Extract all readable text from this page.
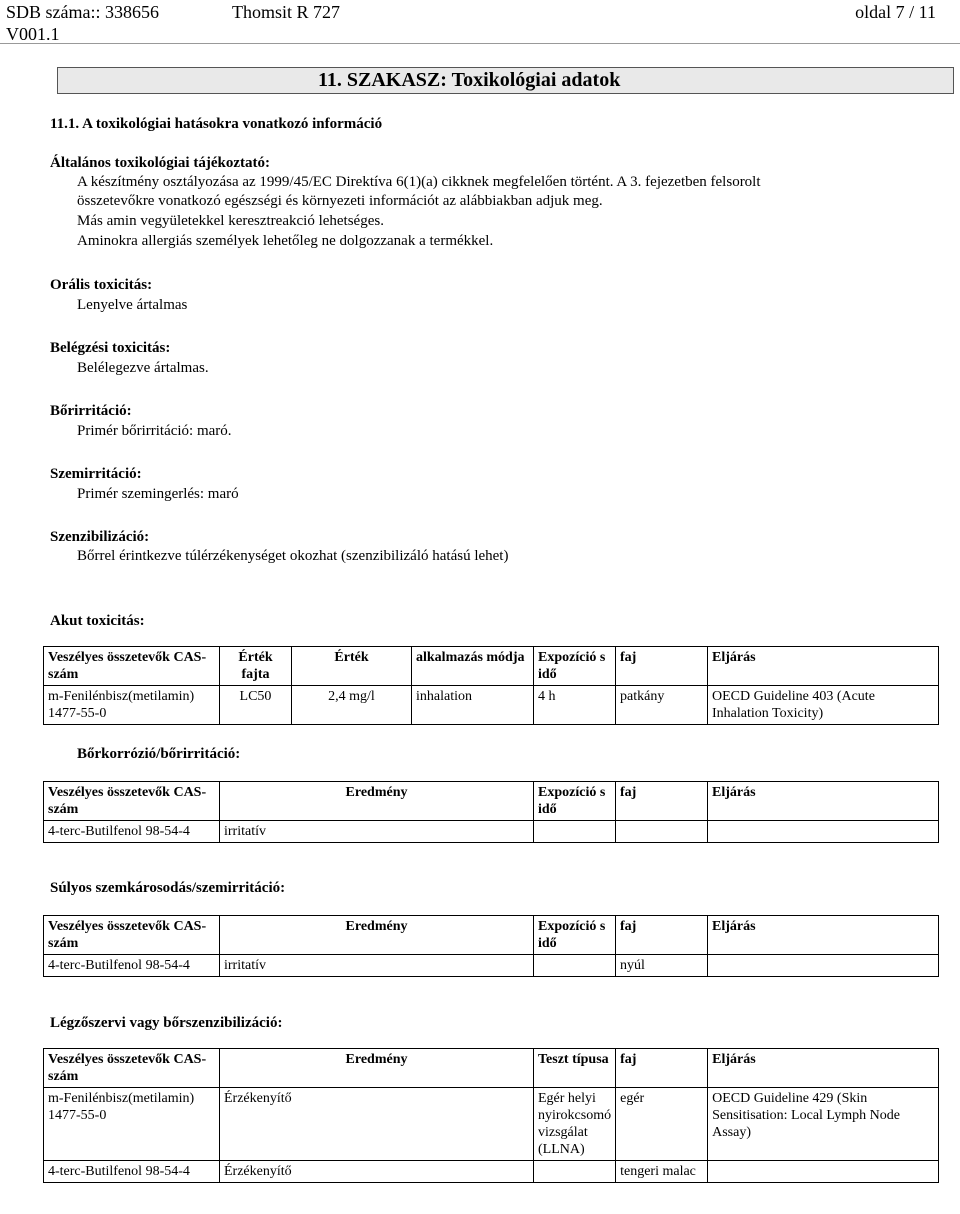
SDB száma:: 338656	Thomsit R 727	oldal 7 / 11
V001.1
11. SZAKASZ: Toxikológiai adatok
11.1. A toxikológiai hatásokra vonatkozó információ
Általános toxikológiai tájékoztató:
A készítmény osztályozása az 1999/45/EC Direktíva 6(1)(a) cikknek megfelelően történt. A 3. fejezetben felsorolt
összetevőkre vonatkozó egészségi és környezeti információt az alábbiakban adjuk meg.
Más amin vegyületekkel keresztreakció lehetséges.
Aminokra allergiás személyek lehetőleg ne dolgozzanak a termékkel.
Orális toxicitás:
Lenyelve ártalmas
Belégzési toxicitás:
Belélegezve ártalmas.
Bőrirritáció:
Primér bőrirritáció: maró.
Szemirritáció:
Primér szemingerlés: maró
Szenzibilizáció:
Bőrrel érintkezve túlérzékenységet okozhat (szenzibilizáló hatású lehet)
Akut toxicitás:
Veszélyes összetevők CAS-szám	Érték fajta	Érték	alkalmazás módja	Expozíció s idő	faj	Eljárás
m-Fenilénbisz(metilamin) 1477-55-0	LC50	2,4 mg/l	inhalation	4 h	patkány	OECD Guideline 403 (Acute Inhalation Toxicity)
Bőrkorrózió/bőrirritáció:
Veszélyes összetevők CAS-szám	Eredmény	Expozíció s idő	faj	Eljárás
4-terc-Butilfenol 98-54-4	irritatív			
Súlyos szemkárosodás/szemirritáció:
Veszélyes összetevők CAS-szám	Eredmény	Expozíció s idő	faj	Eljárás
4-terc-Butilfenol 98-54-4	irritatív		nyúl	
Légzőszervi vagy bőrszenzibilizáció:
Veszélyes összetevők CAS-szám	Eredmény	Teszt típusa	faj	Eljárás
m-Fenilénbisz(metilamin) 1477-55-0	Érzékenyítő	Egér helyi nyirokcsomó vizsgálat (LLNA)	egér	OECD Guideline 429 (Skin Sensitisation: Local Lymph Node Assay)
4-terc-Butilfenol 98-54-4	Érzékenyítő		tengeri malac	
